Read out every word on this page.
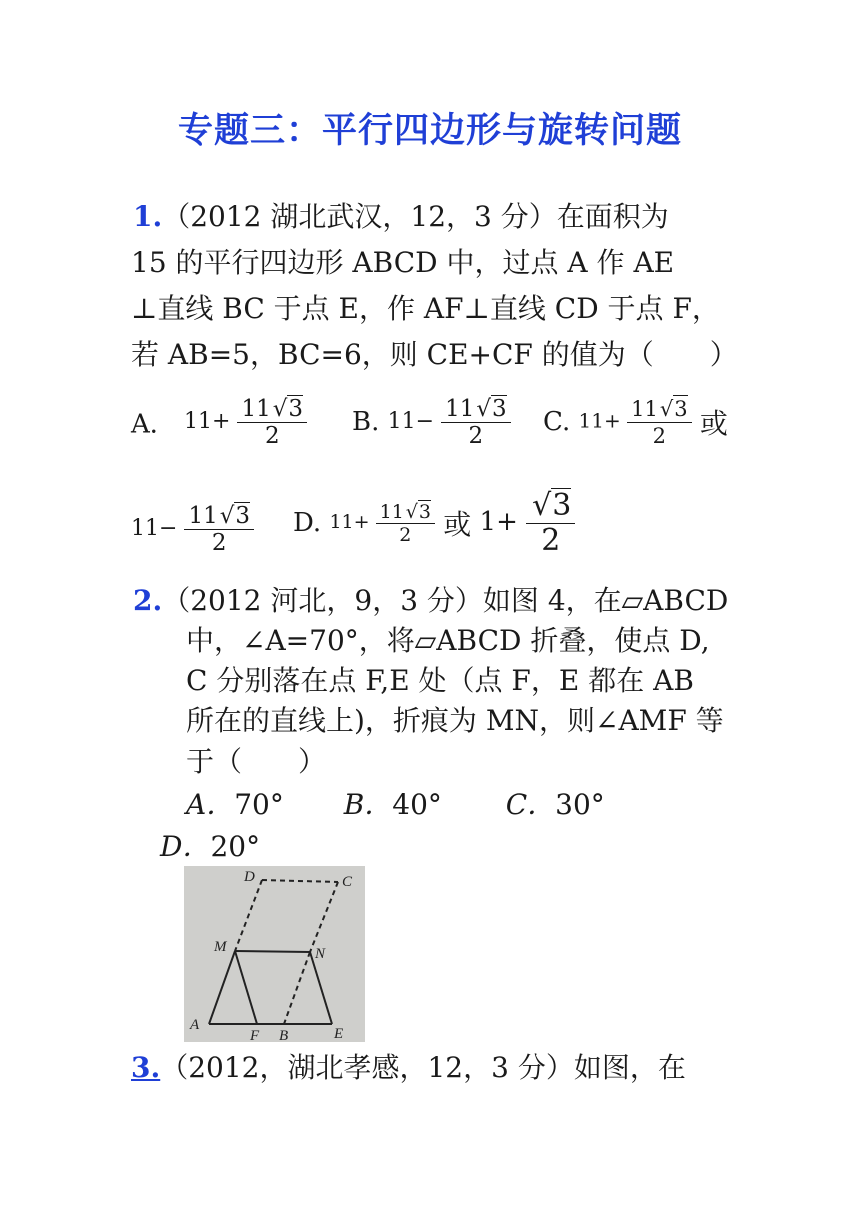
专题三：平行四边形与旋转问题
1.（2012 湖北武汉，12，3 分）在面积为
15 的平行四边形 ABCD 中，过点 A 作 AE
⊥直线 BC 于点 E，作 AF⊥直线 CD 于点 F，
若 AB=5，BC=6，则 CE+CF 的值为（　　）
A． $11+ \frac{11√3}{2} B$. $11- \frac{11√3}{2} C$. $11+ \frac{11√3}{2}$ 或
$11- \frac{11√3}{2} D$. $11+ \frac{11 √3}{2}$ 或 $1+ \frac{√3}{2}$
2.（2012 河北，9，3 分）如图 4，在▱ABCD
中，∠A=70°，将▱ABCD 折叠，使点 D,
C 分别落在点 F,E 处（点 F，E 都在 AB
所在的直线上)，折痕为 MN，则∠AMF 等
于（　　）
A．70° B．40° C．30°
D．20°
D	C
M	N
A
F B	E
3.（2012，湖北孝感，12，3 分）如图，在
